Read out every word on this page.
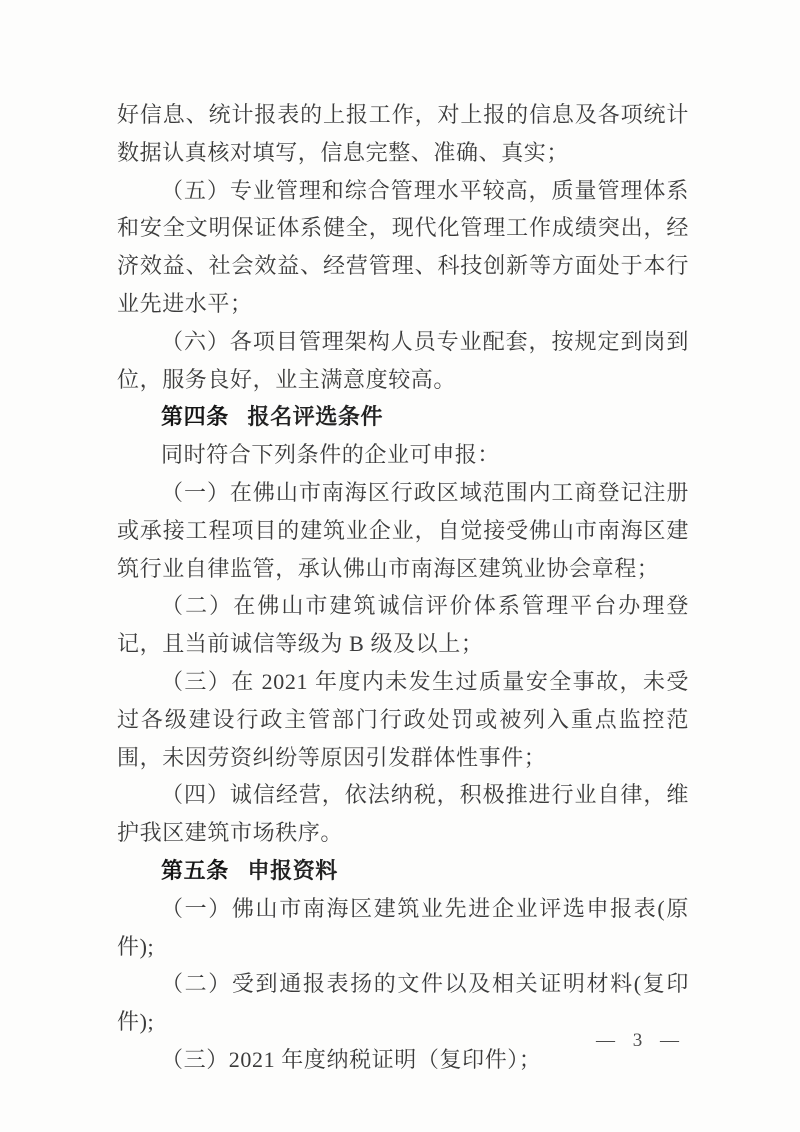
好信息、统计报表的上报工作，对上报的信息及各项统计数据认真核对填写，信息完整、准确、真实；

（五）专业管理和综合管理水平较高，质量管理体系和安全文明保证体系健全，现代化管理工作成绩突出，经济效益、社会效益、经营管理、科技创新等方面处于本行业先进水平；

（六）各项目管理架构人员专业配套，按规定到岗到位，服务良好，业主满意度较高。

第四条 报名评选条件

同时符合下列条件的企业可申报：

（一）在佛山市南海区行政区域范围内工商登记注册或承接工程项目的建筑业企业，自觉接受佛山市南海区建筑行业自律监管，承认佛山市南海区建筑业协会章程；

（二）在佛山市建筑诚信评价体系管理平台办理登记，且当前诚信等级为 B 级及以上；

（三）在 2021 年度内未发生过质量安全事故，未受过各级建设行政主管部门行政处罚或被列入重点监控范围，未因劳资纠纷等原因引发群体性事件；

（四）诚信经营，依法纳税，积极推进行业自律，维护我区建筑市场秩序。

第五条 申报资料

（一）佛山市南海区建筑业先进企业评选申报表(原件);

（二）受到通报表扬的文件以及相关证明材料(复印件);

（三）2021 年度纳税证明（复印件）；

— 3 —
